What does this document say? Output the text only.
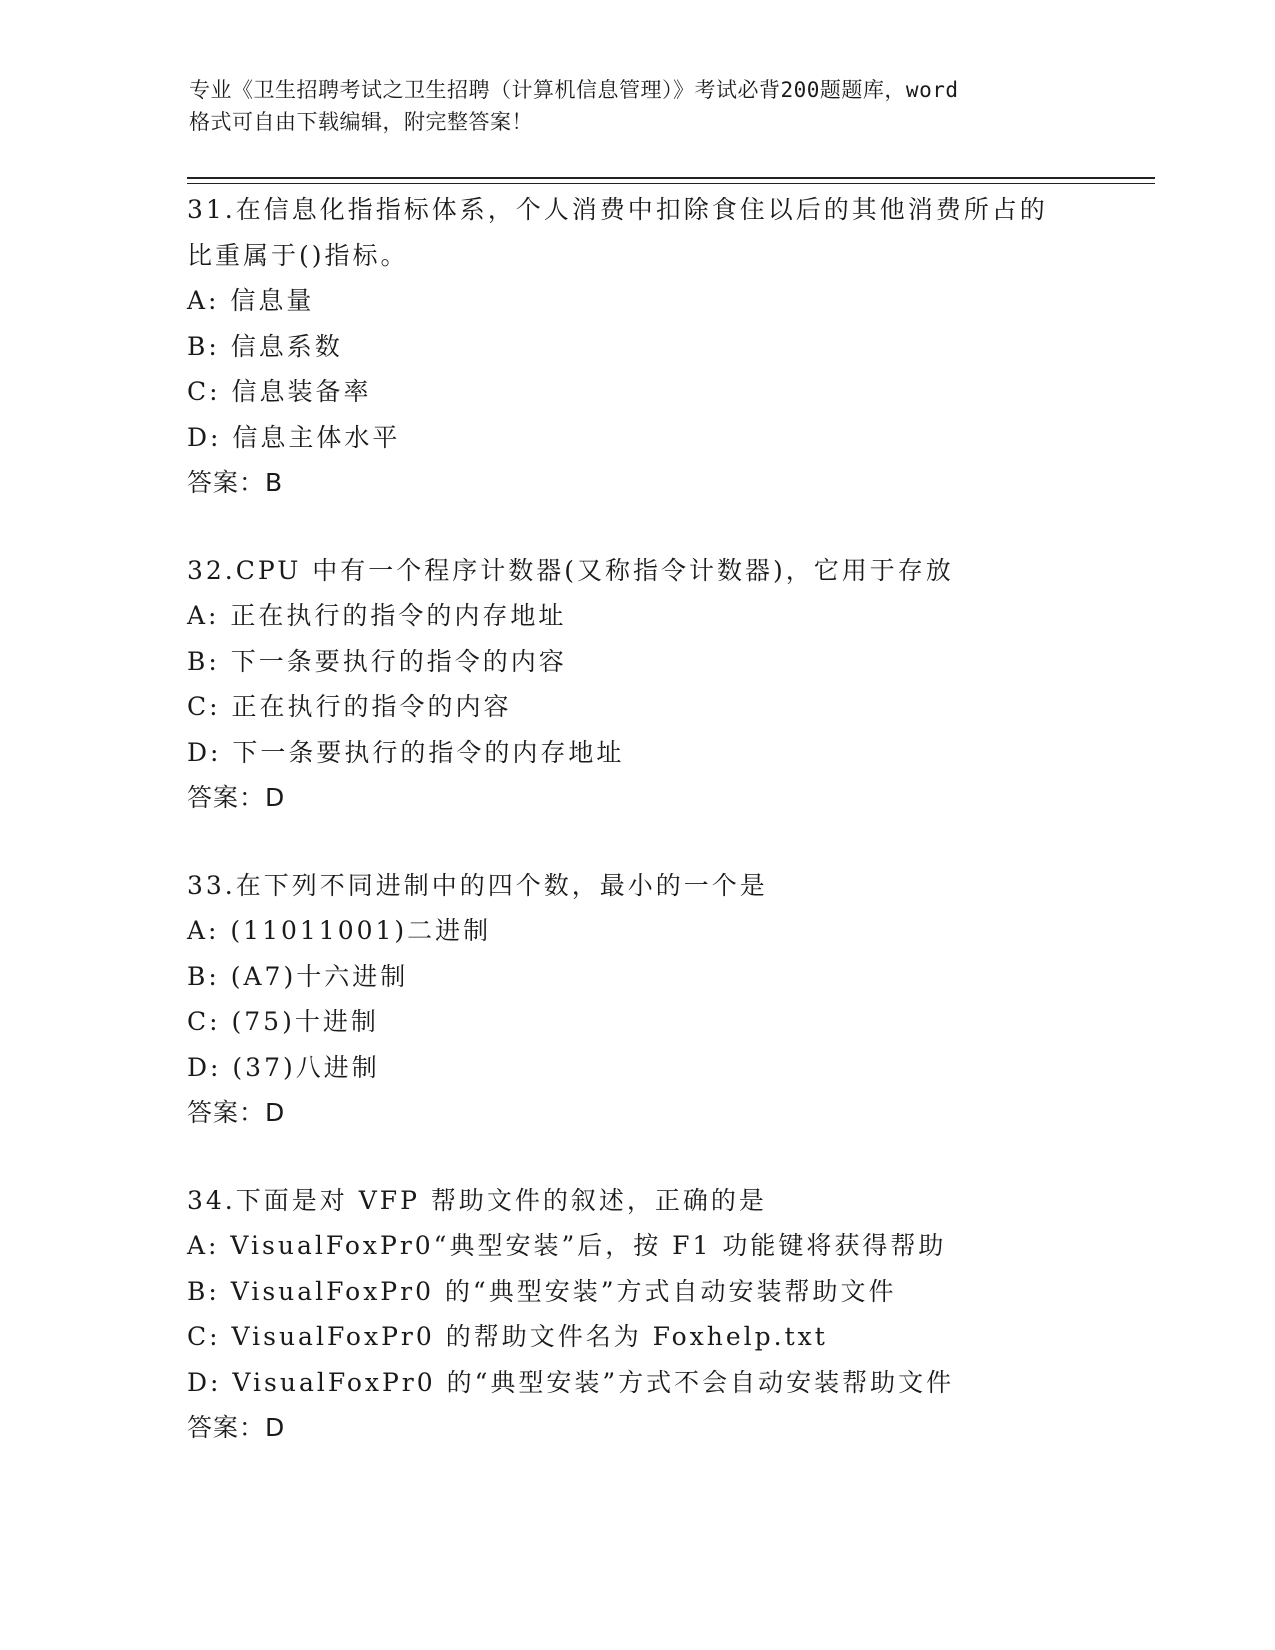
专业《卫生招聘考试之卫生招聘（计算机信息管理）》考试必背200题题库，word
格式可自由下载编辑，附完整答案！
31.在信息化指指标体系，个人消费中扣除食住以后的其他消费所占的
比重属于()指标。
A: 信息量
B: 信息系数
C: 信息装备率
D: 信息主体水平
答案：B
32.CPU 中有一个程序计数器(又称指令计数器)，它用于存放
A: 正在执行的指令的内存地址
B: 下一条要执行的指令的内容
C: 正在执行的指令的内容
D: 下一条要执行的指令的内存地址
答案：D
33.在下列不同进制中的四个数，最小的一个是
A: (11011001)二进制
B: (A7)十六进制
C: (75)十进制
D: (37)八进制
答案：D
34.下面是对 VFP 帮助文件的叙述，正确的是
A: VisualFoxPr0“典型安装”后，按 F1 功能键将获得帮助
B: VisualFoxPr0 的“典型安装”方式自动安装帮助文件
C: VisualFoxPr0 的帮助文件名为 Foxhelp.txt
D: VisualFoxPr0 的“典型安装”方式不会自动安装帮助文件
答案：D
